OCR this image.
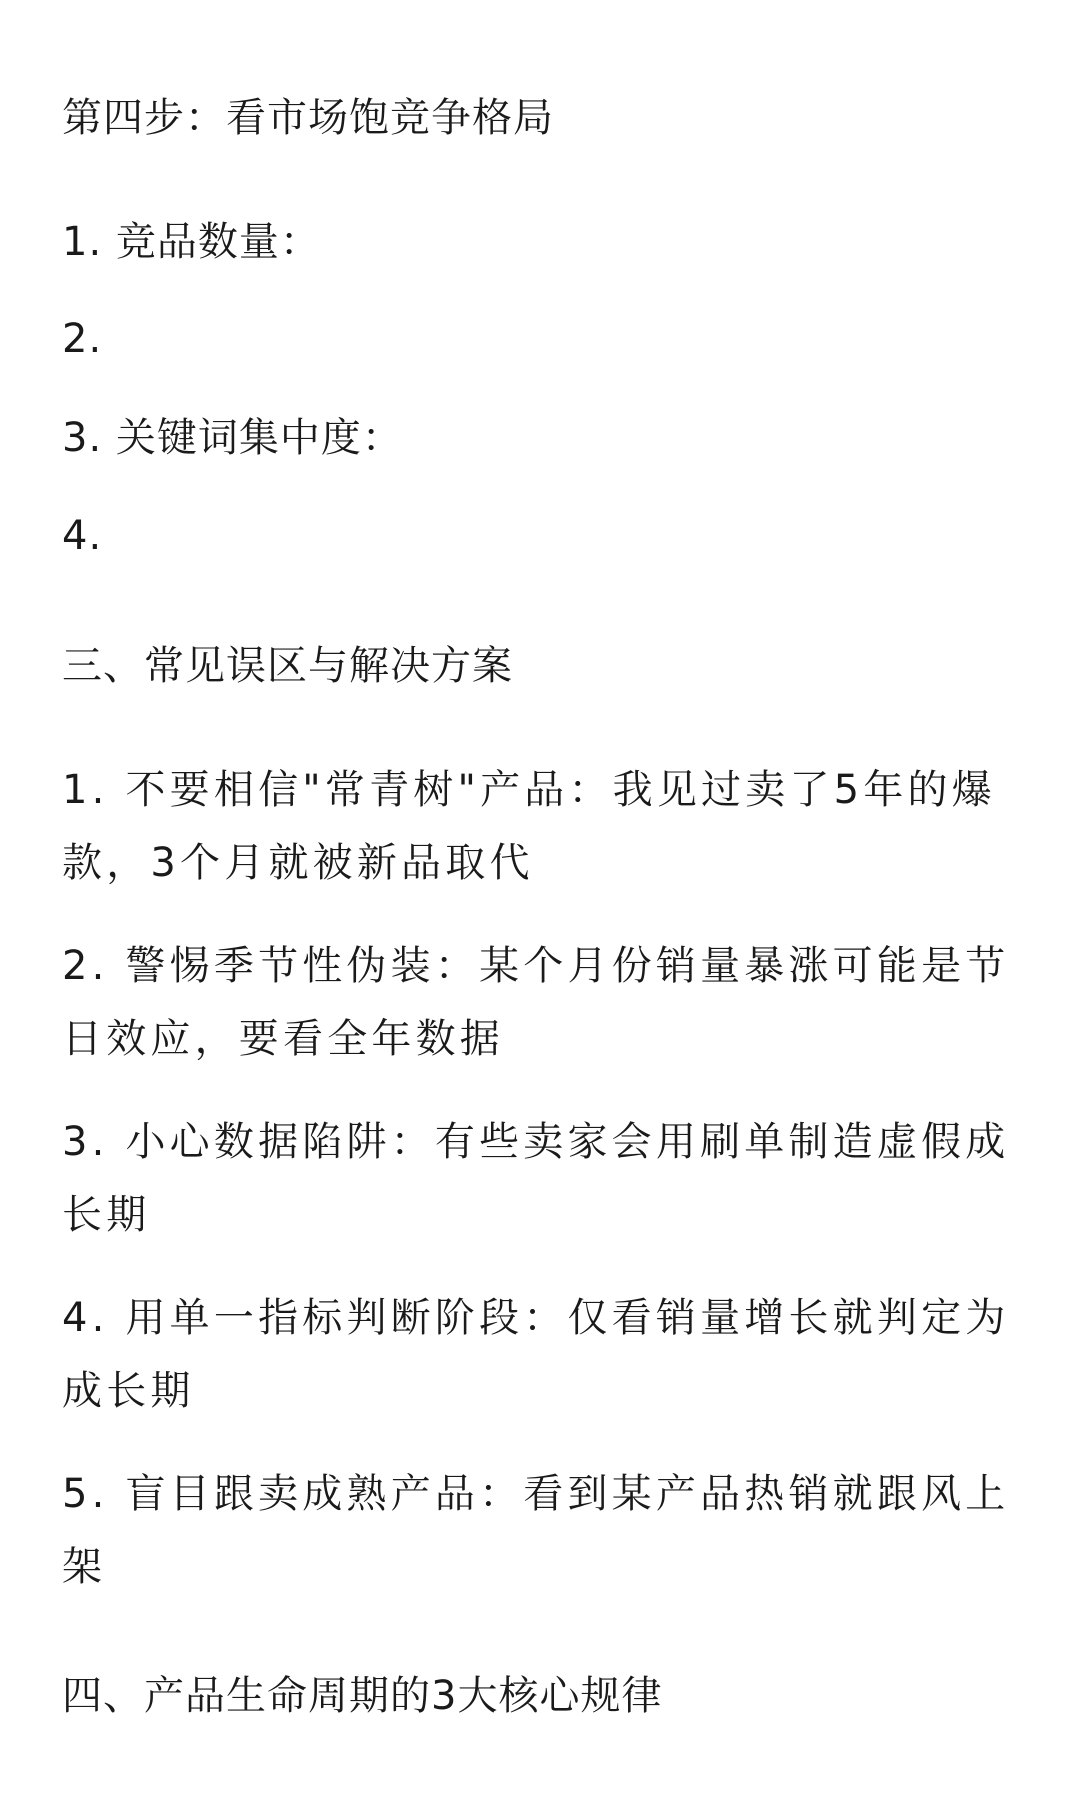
第四步：看市场饱竞争格局
1. 竞品数量：
2.
3. 关键词集中度：
4.
三、常见误区与解决方案
1. 不要相信"常青树"产品：我见过卖了5年的爆款，3个月就被新品取代
2. 警惕季节性伪装：某个月份销量暴涨可能是节日效应，要看全年数据
3. 小心数据陷阱：有些卖家会用刷单制造虚假成长期
4. 用单一指标判断阶段：仅看销量增长就判定为成长期
5. 盲目跟卖成熟产品：看到某产品热销就跟风上架
四、产品生命周期的3大核心规律
